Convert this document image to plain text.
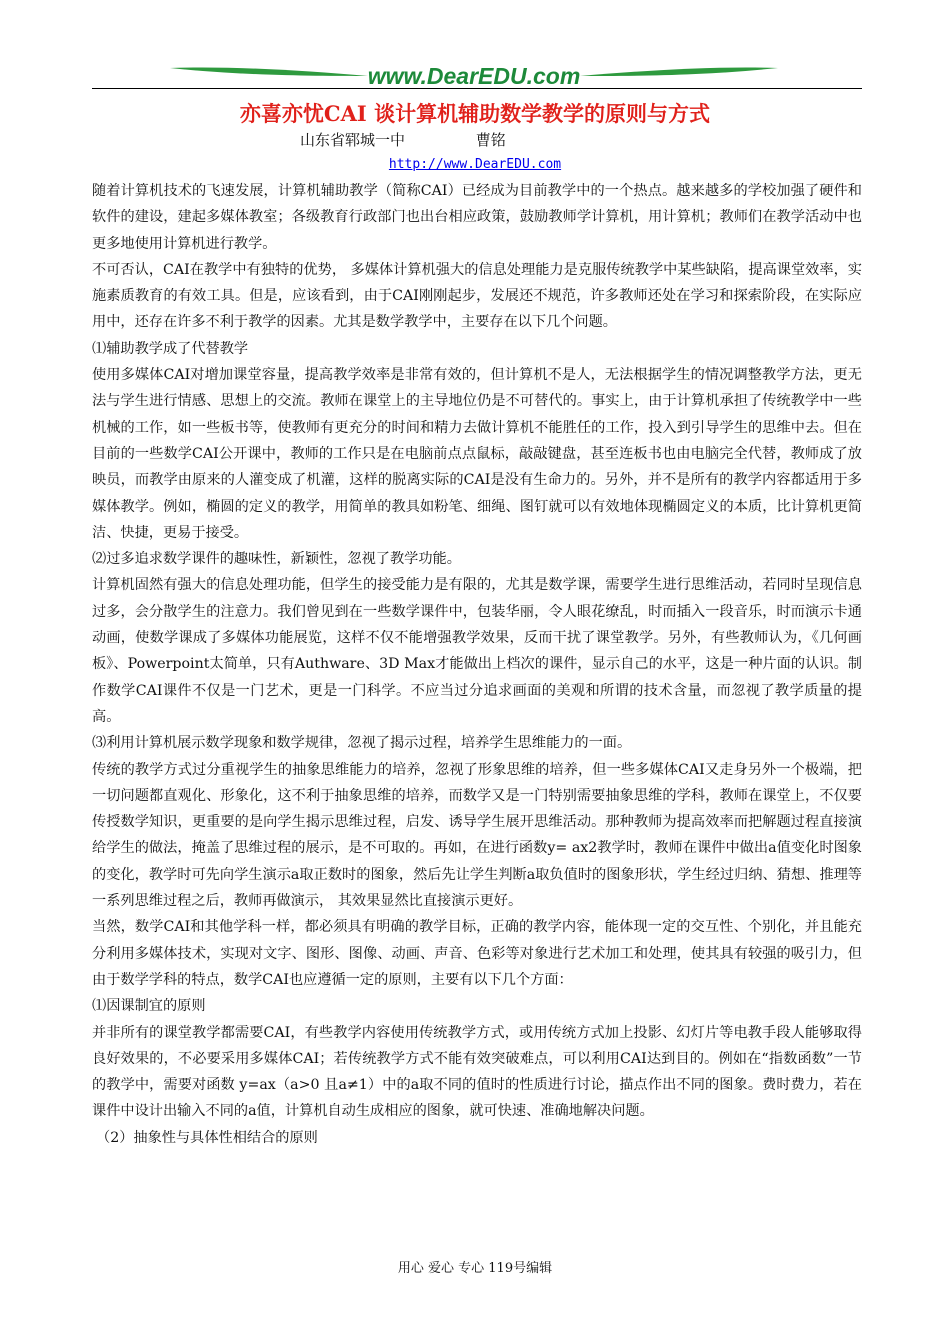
www.DearEDU.com
亦喜亦忧CAI 谈计算机辅助数学教学的原则与方式
山东省郓城一中	曹铭
http://www.DearEDU.com

随着计算机技术的飞速发展，计算机辅助教学（简称CAI）已经成为目前教学中的一个热点。越来越多的学校加强了硬件和软件的建设，建起多媒体教室；各级教育行政部门也出台相应政策，鼓励教师学计算机，用计算机；教师们在教学活动中也更多地使用计算机进行教学。

不可否认，CAI在教学中有独特的优势， 多媒体计算机强大的信息处理能力是克服传统教学中某些缺陷，提高课堂效率，实施素质教育的有效工具。但是，应该看到，由于CAI刚刚起步，发展还不规范，许多教师还处在学习和探索阶段，在实际应用中，还存在许多不利于教学的因素。尤其是数学教学中，主要存在以下几个问题。

⑴辅助教学成了代替教学

使用多媒体CAI对增加课堂容量，提高教学效率是非常有效的，但计算机不是人，无法根据学生的情况调整教学方法，更无法与学生进行情感、思想上的交流。教师在课堂上的主导地位仍是不可替代的。事实上，由于计算机承担了传统教学中一些机械的工作，如一些板书等，使教师有更充分的时间和精力去做计算机不能胜任的工作，投入到引导学生的思维中去。但在目前的一些数学CAI公开课中，教师的工作只是在电脑前点点鼠标，敲敲键盘，甚至连板书也由电脑完全代替，教师成了放映员，而教学由原来的人灌变成了机灌，这样的脱离实际的CAI是没有生命力的。另外，并不是所有的教学内容都适用于多媒体教学。例如，椭圆的定义的教学，用简单的教具如粉笔、细绳、图钉就可以有效地体现椭圆定义的本质，比计算机更简洁、快捷，更易于接受。

⑵过多追求数学课件的趣味性，新颖性，忽视了教学功能。

计算机固然有强大的信息处理功能，但学生的接受能力是有限的，尤其是数学课，需要学生进行思维活动，若同时呈现信息过多，会分散学生的注意力。我们曾见到在一些数学课件中，包装华丽，令人眼花缭乱，时而插入一段音乐，时而演示卡通动画，使数学课成了多媒体功能展览，这样不仅不能增强教学效果，反而干扰了课堂教学。另外，有些教师认为，《几何画板》、Powerpoint太简单，只有Authware、3D Max才能做出上档次的课件，显示自己的水平，这是一种片面的认识。制作数学CAI课件不仅是一门艺术，更是一门科学。不应当过分追求画面的美观和所谓的技术含量，而忽视了教学质量的提高。

⑶利用计算机展示数学现象和数学规律，忽视了揭示过程，培养学生思维能力的一面。

传统的教学方式过分重视学生的抽象思维能力的培养，忽视了形象思维的培养，但一些多媒体CAI又走身另外一个极端，把一切问题都直观化、形象化，这不利于抽象思维的培养，而数学又是一门特别需要抽象思维的学科，教师在课堂上，不仅要传授数学知识，更重要的是向学生揭示思维过程，启发、诱导学生展开思维活动。那种教师为提高效率而把解题过程直接演给学生的做法，掩盖了思维过程的展示，是不可取的。再如，在进行函数y= ax2教学时，教师在课件中做出a值变化时图象的变化，教学时可先向学生演示a取正数时的图象，然后先让学生判断a取负值时的图象形状，学生经过归纳、猜想、推理等一系列思维过程之后，教师再做演示， 其效果显然比直接演示更好。

当然，数学CAI和其他学科一样，都必须具有明确的教学目标，正确的教学内容，能体现一定的交互性、个别化，并且能充分利用多媒体技术，实现对文字、图形、图像、动画、声音、色彩等对象进行艺术加工和处理，使其具有较强的吸引力，但由于数学学科的特点，数学CAI也应遵循一定的原则，主要有以下几个方面：

⑴因课制宜的原则

并非所有的课堂教学都需要CAI，有些教学内容使用传统教学方式，或用传统方式加上投影、幻灯片等电教手段人能够取得良好效果的，不必要采用多媒体CAI；若传统教学方式不能有效突破难点，可以利用CAI达到目的。例如在“指数函数”一节的教学中，需要对函数 y=ax（a>0 且a≠1）中的a取不同的值时的性质进行讨论，描点作出不同的图象。费时费力，若在课件中设计出输入不同的a值，计算机自动生成相应的图象，就可快速、准确地解决问题。

（2）抽象性与具体性相结合的原则

用心 爱心 专心 119号编辑
